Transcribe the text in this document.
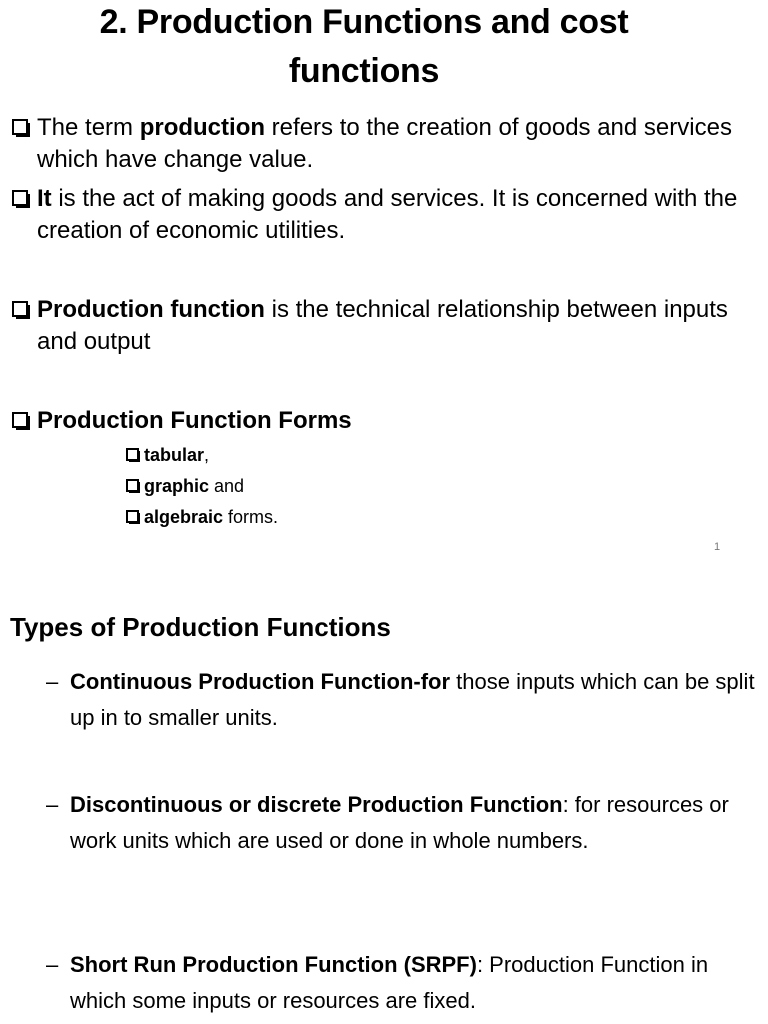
2. Production Functions and cost functions
The term production refers to the creation of goods and services which have change value.
It is the act of making goods and services. It is concerned with the creation of economic utilities.
Production function is the technical relationship between inputs and output
Production Function Forms
tabular,
graphic and
algebraic forms.
1
Types of Production Functions
– Continuous Production Function-for those inputs which can be split up in to smaller units.
– Discontinuous or discrete Production Function: for resources or work units which are used or done in whole numbers.
– Short Run Production Function (SRPF): Production Function in which some inputs or resources are fixed.
